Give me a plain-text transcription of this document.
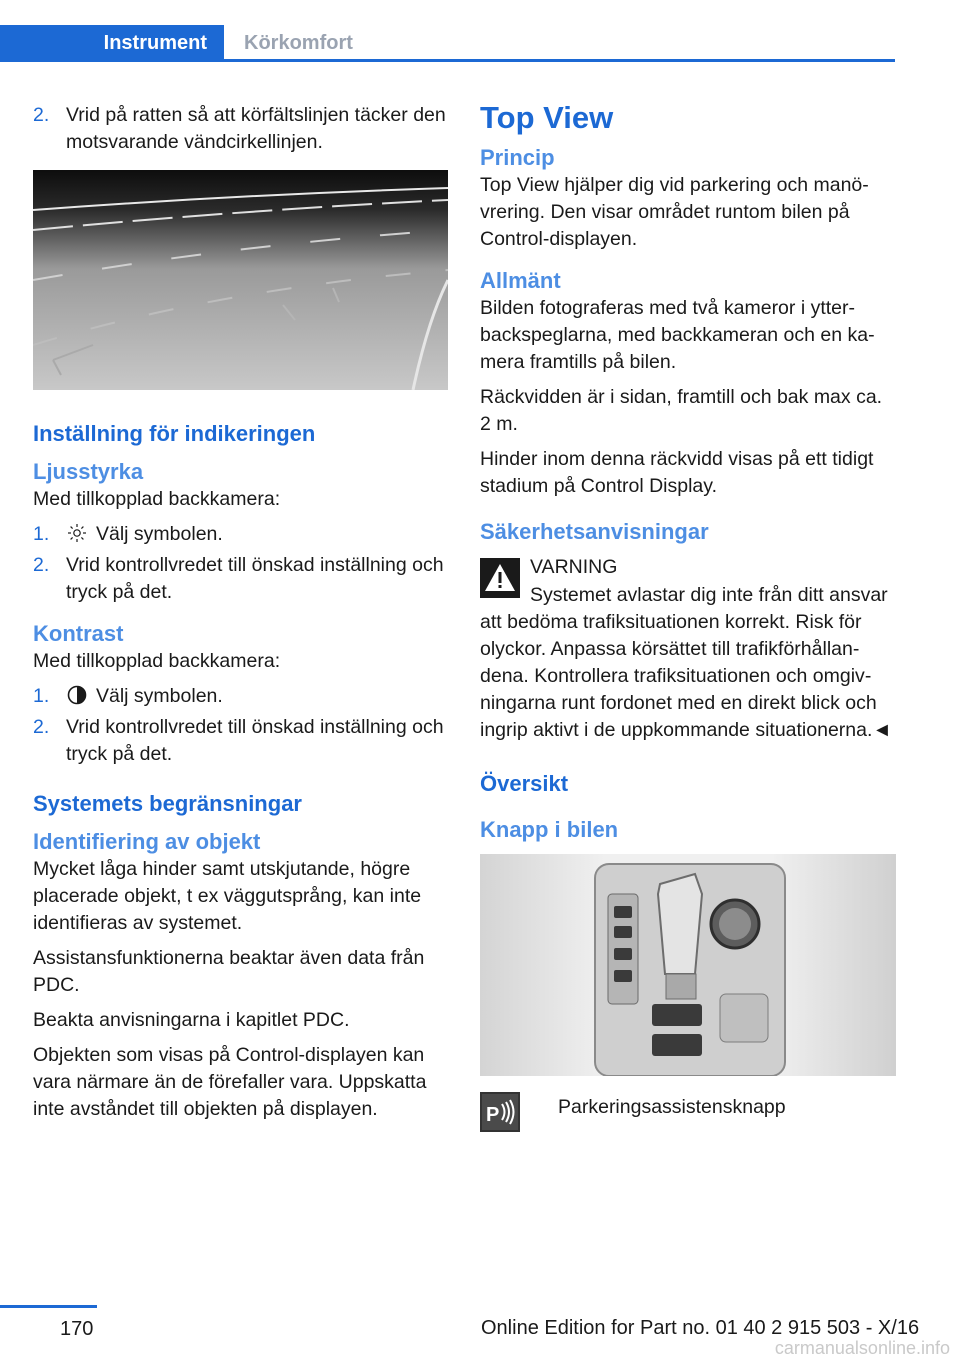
Instrument	Körkomfort
2. Vrid på ratten så att körfältslinjen täcker den motsvarande vändcirkellinjen.
Inställning för indikeringen
Ljusstyrka

Med tillkopplad backkamera:

1. Välj symbolen.
2. Vrid kontrollvredet till önskad inställning och tryck på det.
Kontrast

Med tillkopplad backkamera:

1. Välj symbolen.
2. Vrid kontrollvredet till önskad inställning och tryck på det.
Systemets begränsningar
Identifiering av objekt

Mycket låga hinder samt utskjutande, högre placerade objekt, t ex väggutsprång, kan inte identifieras av systemet.

Assistansfunktionerna beaktar även data från PDC.

Beakta anvisningarna i kapitlet PDC.

Objekten som visas på Control-displayen kan vara närmare än de förefaller vara. Uppskatta inte avståndet till objekten på displayen.

Top View
Princip

Top View hjälper dig vid parkering och manövrering. Den visar området runtom bilen på Control-displayen.

Allmänt

Bilden fotograferas med två kameror i ytterbackspeglarna, med backkameran och en kamera framtills på bilen.

Räckvidden är i sidan, framtill och bak max ca. 2 m.

Hinder inom denna räckvidd visas på ett tidigt stadium på Control Display.

Säkerhetsanvisningar
VARNING

Systemet avlastar dig inte från ditt ansvar att bedöma trafiksituationen korrekt. Risk för olyckor. Anpassa körsättet till trafikförhållandena. Kontrollera trafiksituationen och omgivningarna runt fordonet med en direkt blick och ingrip aktivt i de uppkommande situationerna.◄

Översikt
Knapp i bilen
P	Parkeringsassistensknapp

170	Online Edition for Part no. 01 40 2 915 503 - X/16
carmanualsonline.info
